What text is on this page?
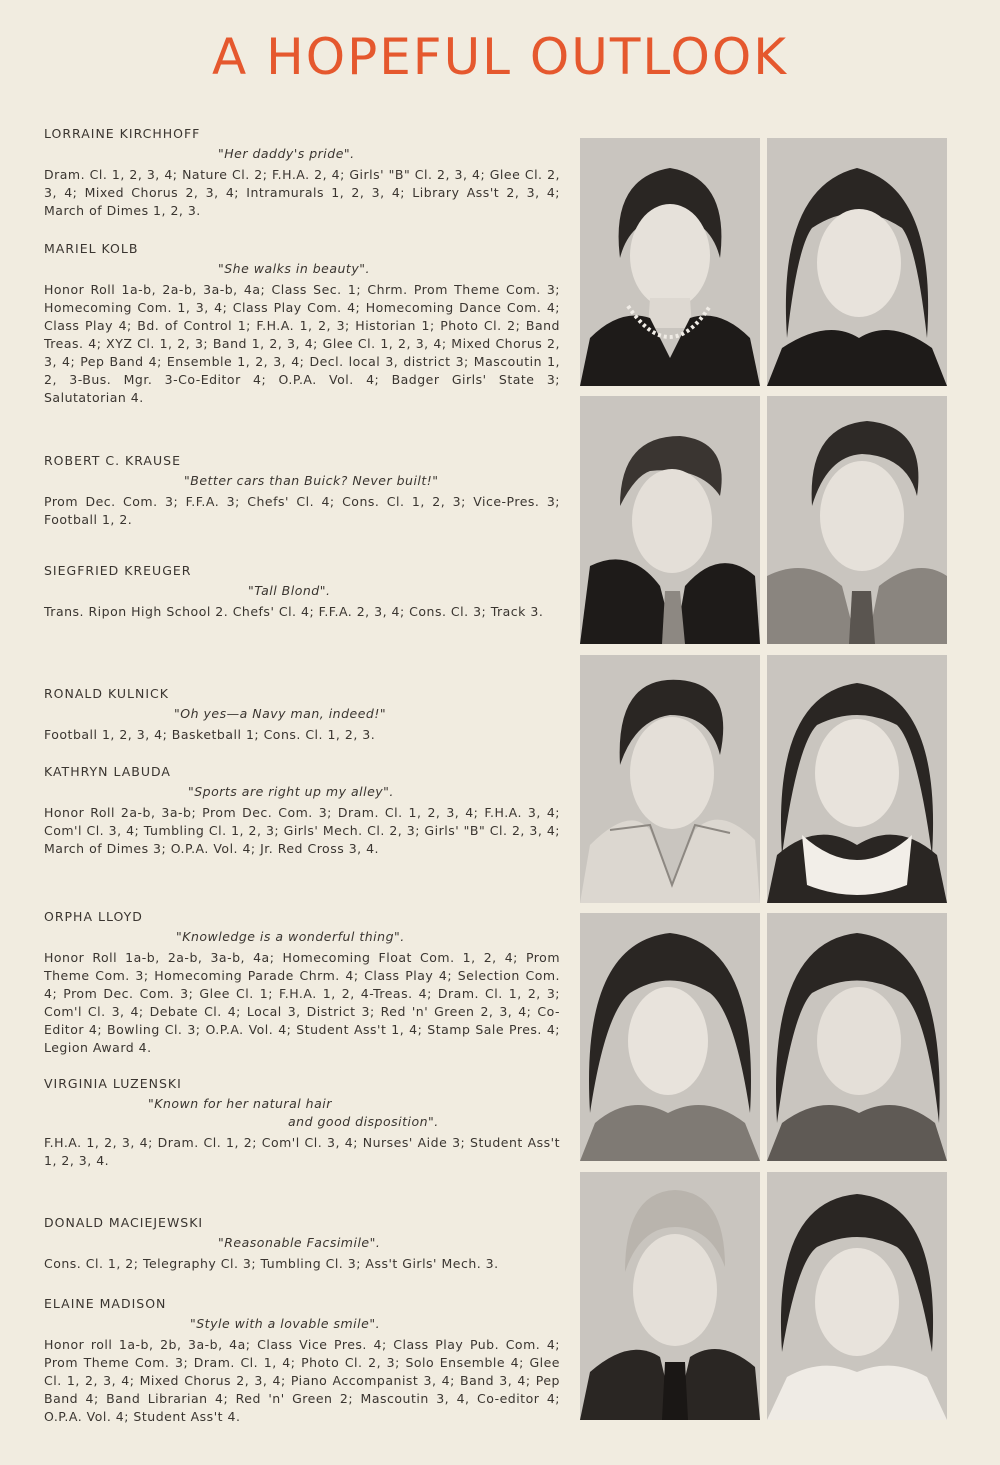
A HOPEFUL OUTLOOK

LORRAINE KIRCHHOFF

"Her daddy's pride".

Dram. Cl. 1, 2, 3, 4; Nature Cl. 2; F.H.A. 2, 4; Girls' "B" Cl. 2, 3, 4; Glee Cl. 2, 3, 4; Mixed Chorus 2, 3, 4; Intramurals 1, 2, 3, 4; Library Ass't 2, 3, 4; March of Dimes 1, 2, 3.

MARIEL KOLB

"She walks in beauty".

Honor Roll 1a-b, 2a-b, 3a-b, 4a; Class Sec. 1; Chrm. Prom Theme Com. 3; Homecoming Com. 1, 3, 4; Class Play Com. 4; Homecoming Dance Com. 4; Class Play 4; Bd. of Control 1; F.H.A. 1, 2, 3; Historian 1; Photo Cl. 2; Band Treas. 4; XYZ Cl. 1, 2, 3; Band 1, 2, 3, 4; Glee Cl. 1, 2, 3, 4; Mixed Chorus 2, 3, 4; Pep Band 4; Ensemble 1, 2, 3, 4; Decl. local 3, district 3; Mascoutin 1, 2, 3-Bus. Mgr. 3-Co-Editor 4; O.P.A. Vol. 4; Badger Girls' State 3; Salutatorian 4.

ROBERT C. KRAUSE

"Better cars than Buick? Never built!"

Prom Dec. Com. 3; F.F.A. 3; Chefs' Cl. 4; Cons. Cl. 1, 2, 3; Vice-Pres. 3; Football 1, 2.

SIEGFRIED KREUGER

"Tall Blond".

Trans. Ripon High School 2. Chefs' Cl. 4; F.F.A. 2, 3, 4; Cons. Cl. 3; Track 3.

RONALD KULNICK

"Oh yes—a Navy man, indeed!"

Football 1, 2, 3, 4; Basketball 1; Cons. Cl. 1, 2, 3.

KATHRYN LABUDA

"Sports are right up my alley".

Honor Roll 2a-b, 3a-b; Prom Dec. Com. 3; Dram. Cl. 1, 2, 3, 4; F.H.A. 3, 4; Com'l Cl. 3, 4; Tumbling Cl. 1, 2, 3; Girls' Mech. Cl. 2, 3; Girls' "B" Cl. 2, 3, 4; March of Dimes 3; O.P.A. Vol. 4; Jr. Red Cross 3, 4.

ORPHA LLOYD

"Knowledge is a wonderful thing".

Honor Roll 1a-b, 2a-b, 3a-b, 4a; Homecoming Float Com. 1, 2, 4; Prom Theme Com. 3; Homecoming Parade Chrm. 4; Class Play 4; Selection Com. 4; Prom Dec. Com. 3; Glee Cl. 1; F.H.A. 1, 2, 4-Treas. 4; Dram. Cl. 1, 2, 3; Com'l Cl. 3, 4; Debate Cl. 4; Local 3, District 3; Red 'n' Green 2, 3, 4; Co-Editor 4; Bowling Cl. 3; O.P.A. Vol. 4; Student Ass't 1, 4; Stamp Sale Pres. 4; Legion Award 4.

VIRGINIA LUZENSKI

"Known for her natural hair

and good disposition".

F.H.A. 1, 2, 3, 4; Dram. Cl. 1, 2; Com'l Cl. 3, 4; Nurses' Aide 3; Student Ass't 1, 2, 3, 4.

DONALD MACIEJEWSKI

"Reasonable Facsimile".

Cons. Cl. 1, 2; Telegraphy Cl. 3; Tumbling Cl. 3; Ass't Girls' Mech. 3.

ELAINE MADISON

"Style with a lovable smile".

Honor roll 1a-b, 2b, 3a-b, 4a; Class Vice Pres. 4; Class Play Pub. Com. 4; Prom Theme Com. 3; Dram. Cl. 1, 4; Photo Cl. 2, 3; Solo Ensemble 4; Glee Cl. 1, 2, 3, 4; Mixed Chorus 2, 3, 4; Piano Accompanist 3, 4; Band 3, 4; Pep Band 4; Band Librarian 4; Red 'n' Green 2; Mascoutin 3, 4, Co-editor 4; O.P.A. Vol. 4; Student Ass't 4.
